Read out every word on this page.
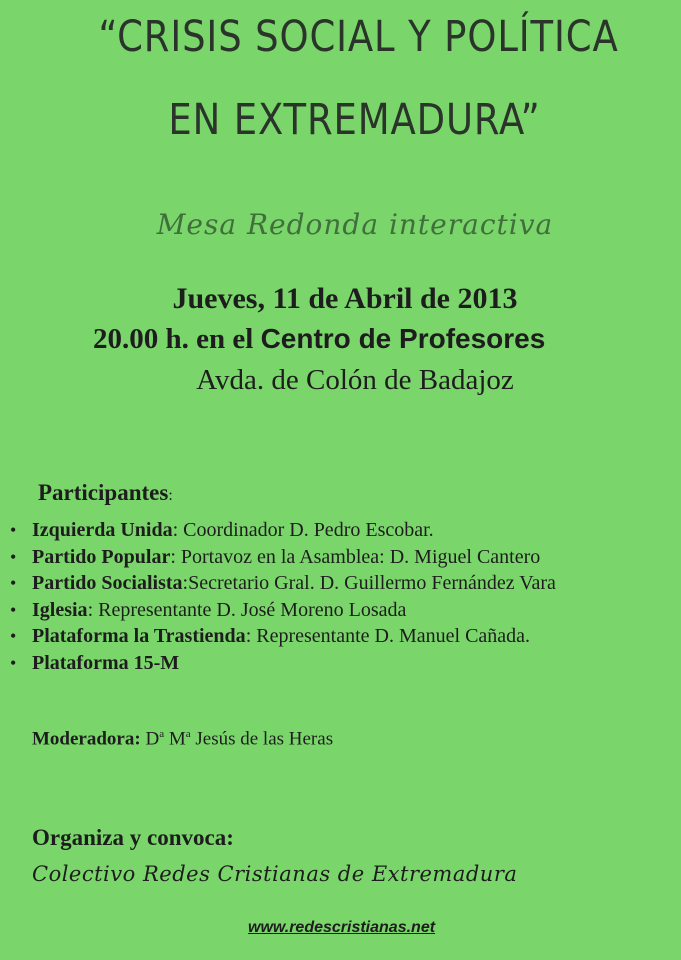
“CRISIS SOCIAL Y POLÍTICA
EN EXTREMADURA”
Mesa Redonda interactiva
Jueves, 11 de Abril de 2013
20.00 h. en el Centro de Profesores
Avda. de Colón de Badajoz
Participantes:
• Izquierda Unida: Coordinador D. Pedro Escobar.
• Partido Popular: Portavoz en la Asamblea: D. Miguel Cantero
• Partido Socialista:Secretario Gral. D. Guillermo Fernández Vara
• Iglesia: Representante D. José Moreno Losada
• Plataforma la Trastienda: Representante D. Manuel Cañada.
• Plataforma 15-M
Moderadora: $D^a$ $M^a$ Jesús de las Heras
Organiza y convoca:
Colectivo Redes Cristianas de Extremadura
www.redescristianas.net
